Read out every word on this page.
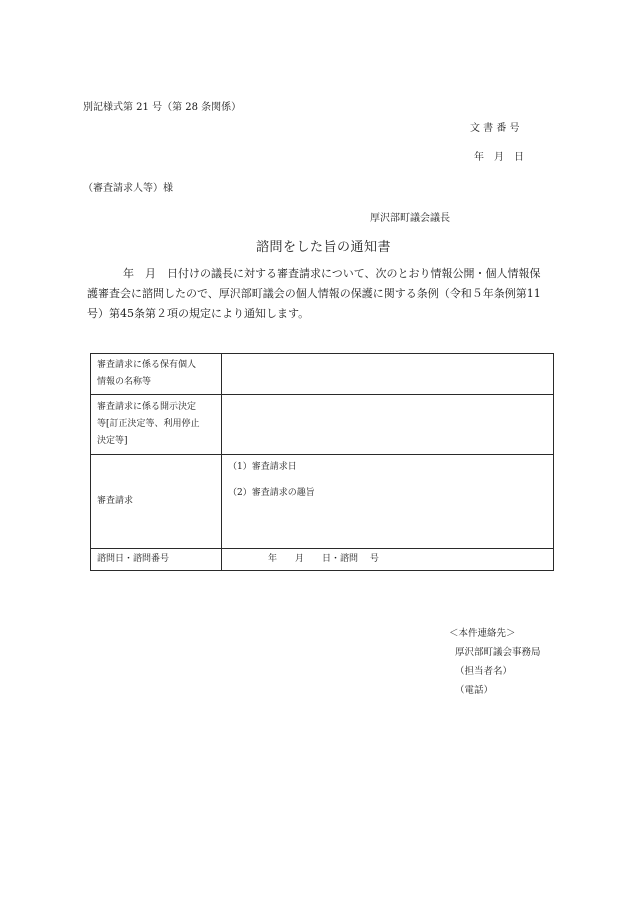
別記様式第 21 号（第 28 条関係）
文 書 番 号
年　月　日
（審査請求人等）様
厚沢部町議会議長
諮問をした旨の通知書

年　月　日付けの議長に対する審査請求について、次のとおり情報公開・個人情報保

護審査会に諮問したので、厚沢部町議会の個人情報の保護に関する条例（令和５年条例第11

号）第45条第２項の規定により通知します。

審査請求に係る保有個人
情報の名称等	

審査請求に係る開示決定
等[訂正決定等、利用停止
決定等]	

審査請求	（1）審査請求日
（2）審査請求の趣旨

諮問日・諮問番号	年　　月　　日・諮問　 号
＜本件連絡先＞
厚沢部町議会事務局
（担当者名）
（電話）
